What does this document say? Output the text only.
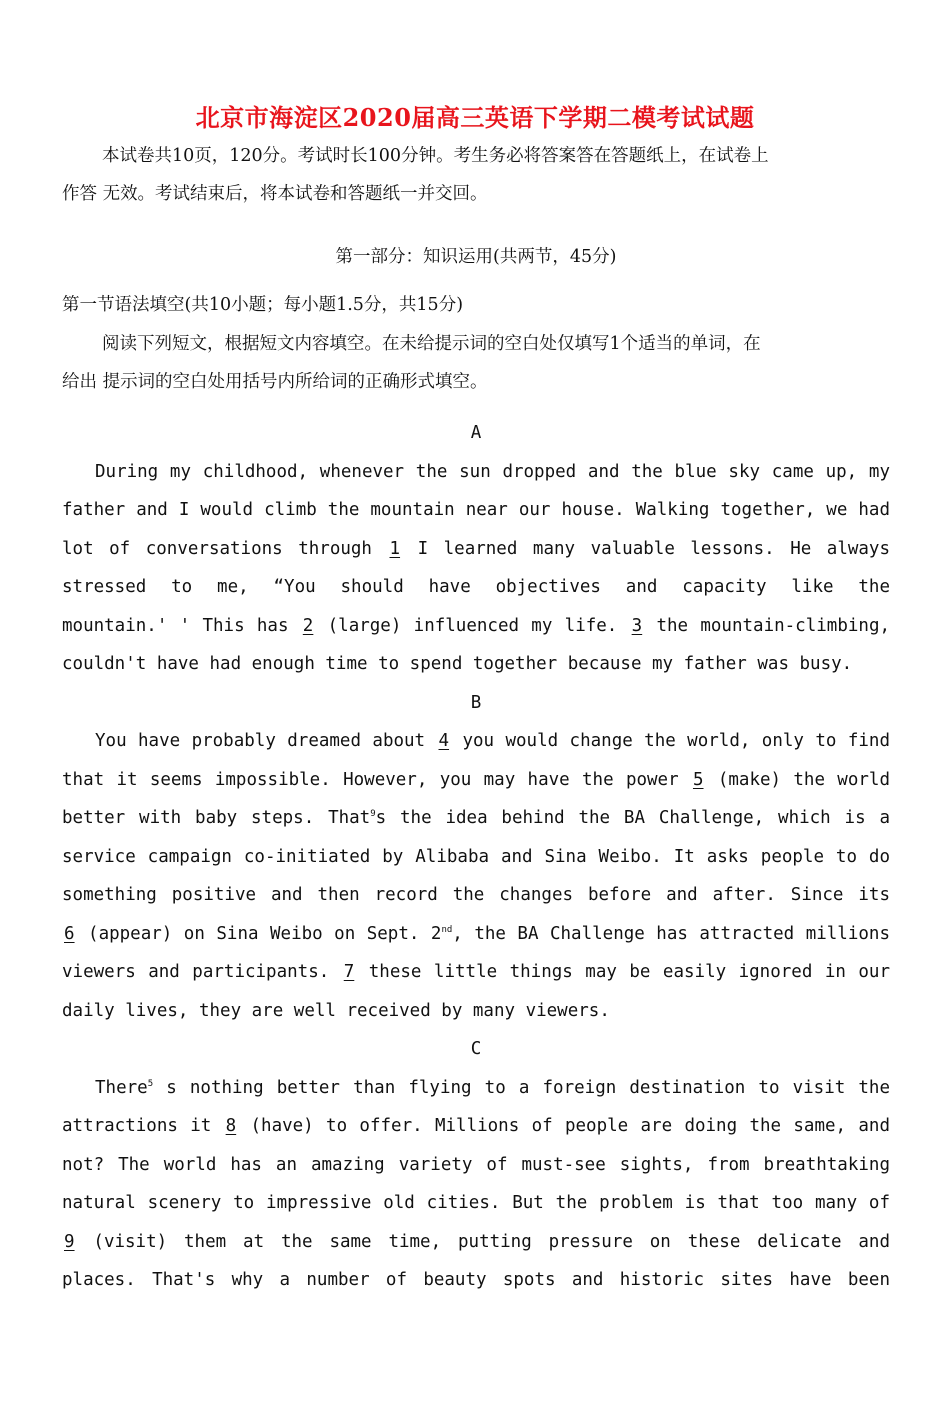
北京市海淀区2020届高三英语下学期二模考试试题
本试卷共10页，120分。考试时长100分钟。考生务必将答案答在答题纸上，在试卷上
作答 无效。考试结束后，将本试卷和答题纸一并交回。
第一部分：知识运用(共两节，45分)
第一节语法填空(共10小题；每小题1.5分，共15分)
阅读下列短文，根据短文内容填空。在未给提示词的空白处仅填写1个适当的单词，在
给出 提示词的空白处用括号内所给词的正确形式填空。
A
During my childhood, whenever the sun dropped and the blue sky came up, my
father and I would climb the mountain near our house. Walking together, we had
lot of conversations through 1 I learned many valuable lessons. He always
stressed to me, “You should have objectives and capacity like the
mountain.' ' This has 2 (large) influenced my life. 3 the mountain-climbing,
couldn't have had enough time to spend together because my father was busy.
B
You have probably dreamed about 4 you would change the world, only to find
that it seems impossible. However, you may have the power 5 (make) the world
better with baby steps. That$^9$s the idea behind the BA Challenge, which is a
service campaign co-initiated by Alibaba and Sina Weibo. It asks people to do
something positive and then record the changes before and after. Since its
6 (appear) on Sina Weibo on Sept. 2nd, the BA Challenge has attracted millions
viewers and participants. 7 these little things may be easily ignored in our
daily lives, they are well received by many viewers.
C
There$^5$ s nothing better than flying to a foreign destination to visit the
attractions it 8 (have) to offer. Millions of people are doing the same, and
not? The world has an amazing variety of must-see sights, from breathtaking
natural scenery to impressive old cities. But the problem is that too many of
9 (visit) them at the same time, putting pressure on these delicate and
places. That's why a number of beauty spots and historic sites have been
